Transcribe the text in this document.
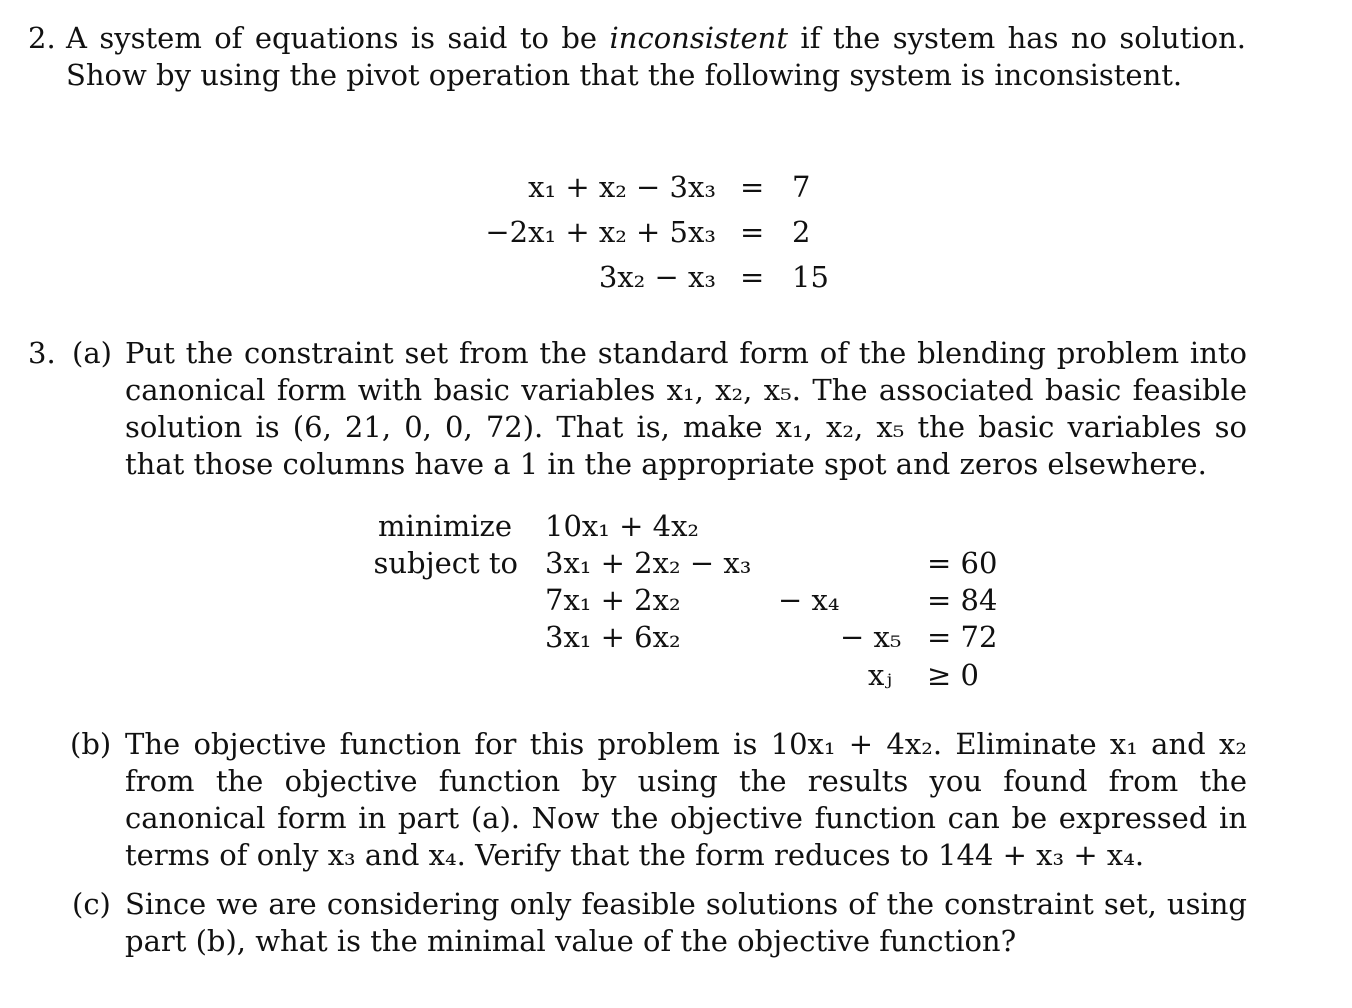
2. A system of equations is said to be inconsistent if the system has no solution. Show by using the pivot operation that the following system is inconsistent.
x₁ + x₂ − 3x₃ = 7
−2x₁ + x₂ + 5x₃ = 2
3x₂ − x₃ = 15
3. (a) Put the constraint set from the standard form of the blending problem into canonical form with basic variables x₁, x₂, x₅. The associated basic feasible solution is (6, 21, 0, 0, 72). That is, make x₁, x₂, x₅ the basic variables so that those columns have a 1 in the appropriate spot and zeros elsewhere.
minimize 10x₁ + 4x₂
subject to 3x₁ + 2x₂ − x₃	= 60
7x₁ + 2x₂	− x₄	= 84
3x₁ + 6x₂	− x₅ = 72
xⱼ ≥ 0
(b) The objective function for this problem is 10x₁ + 4x₂. Eliminate x₁ and x₂ from the objective function by using the results you found from the canonical form in part (a). Now the objective function can be expressed in terms of only x₃ and x₄. Verify that the form reduces to 144 + x₃ + x₄.
(c) Since we are considering only feasible solutions of the constraint set, using part (b), what is the minimal value of the objective function?
